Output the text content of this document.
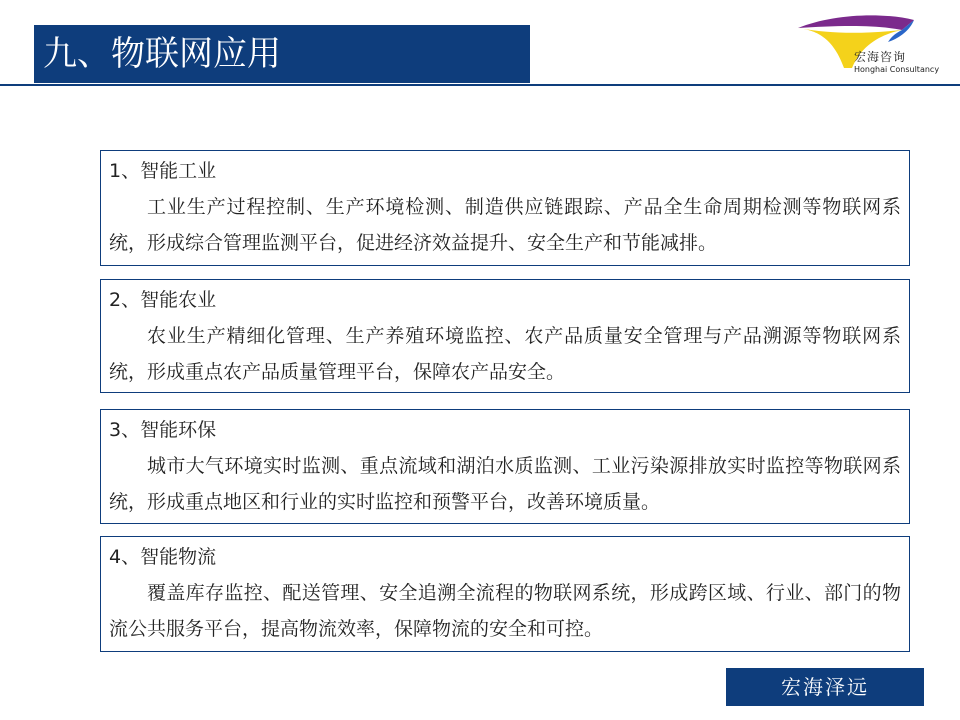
九、物联网应用	宏海咨询
Honghai Consultancy
1、智能工业
工业生产过程控制、生产环境检测、制造供应链跟踪、产品全生命周期检测等物联网系统，形成综合管理监测平台，促进经济效益提升、安全生产和节能减排。
2、智能农业
农业生产精细化管理、生产养殖环境监控、农产品质量安全管理与产品溯源等物联网系统，形成重点农产品质量管理平台，保障农产品安全。
3、智能环保
城市大气环境实时监测、重点流域和湖泊水质监测、工业污染源排放实时监控等物联网系统，形成重点地区和行业的实时监控和预警平台，改善环境质量。
4、智能物流
覆盖库存监控、配送管理、安全追溯全流程的物联网系统，形成跨区域、行业、部门的物流公共服务平台，提高物流效率，保障物流的安全和可控。
宏海泽远
